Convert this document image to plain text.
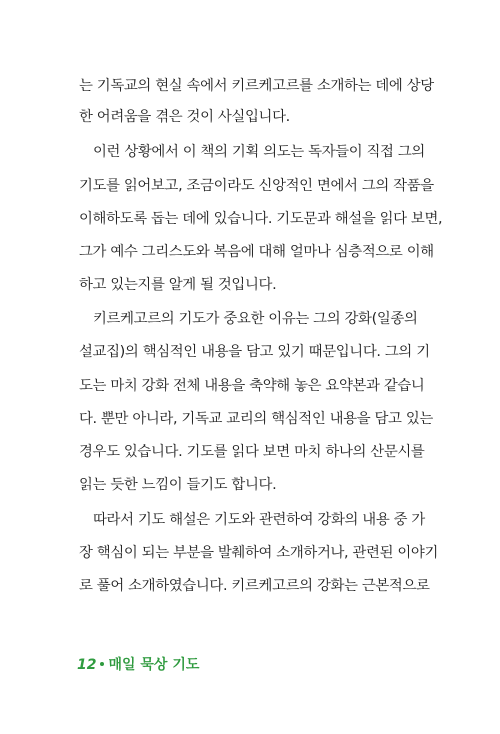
는 기독교의 현실 속에서 키르케고르를 소개하는 데에 상당
한 어려움을 겪은 것이 사실입니다.
이런 상황에서 이 책의 기획 의도는 독자들이 직접 그의
기도를 읽어보고, 조금이라도 신앙적인 면에서 그의 작품을
이해하도록 돕는 데에 있습니다. 기도문과 해설을 읽다 보면,
그가 예수 그리스도와 복음에 대해 얼마나 심층적으로 이해
하고 있는지를 알게 될 것입니다.
키르케고르의 기도가 중요한 이유는 그의 강화(일종의
설교집)의 핵심적인 내용을 담고 있기 때문입니다. 그의 기
도는 마치 강화 전체 내용을 축약해 놓은 요약본과 같습니
다. 뿐만 아니라, 기독교 교리의 핵심적인 내용을 담고 있는
경우도 있습니다. 기도를 읽다 보면 마치 하나의 산문시를
읽는 듯한 느낌이 들기도 합니다.
따라서 기도 해설은 기도와 관련하여 강화의 내용 중 가
장 핵심이 되는 부분을 발췌하여 소개하거나, 관련된 이야기
로 풀어 소개하였습니다. 키르케고르의 강화는 근본적으로
12 매일 묵상 기도
